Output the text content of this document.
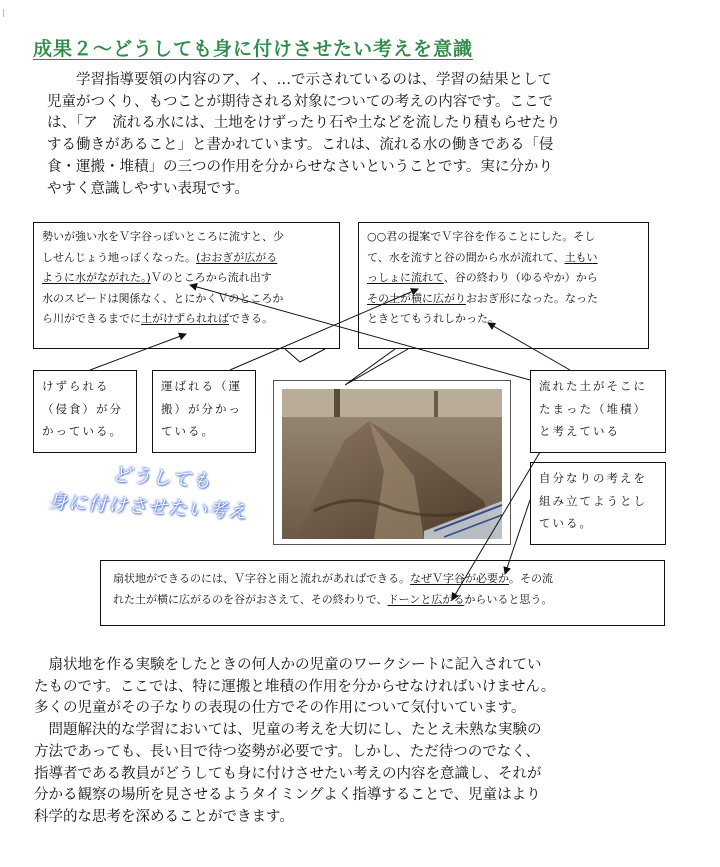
|
成果２～どうしても身に付けさせたい考えを意識
　　学習指導要領の内容のア、イ、…で示されているのは、学習の結果として
児童がつくり、もつことが期待される対象についての考えの内容です。ここで
は、「ア　流れる水には、土地をけずったり石や土などを流したり積もらせたり
する働きがあること」と書かれています。これは、流れる水の働きである「侵
食・運搬・堆積」の三つの作用を分からせなさいということです。実に分かり
やすく意識しやすい表現です。
勢いが強い水をＶ字谷っぽいところに流すと、少
しせんじょう地っぽくなった。(おおぎが広がる
ように水がながれた。)Ｖのところから流れ出す
水のスピードは関係なく、とにかくＶのところか
ら川ができるまでに土がけずられればできる。
○○君の提案でＶ字谷を作ることにした。そし
て、水を流すと谷の間から水が流れて、土もい
っしょに流れて、谷の終わり（ゆるやか）から
その土が横に広がりおおぎ形になった。なった
ときとてもうれしかった。
けずられる
（侵食）が分
かっている。
運ばれる（運
搬）が分かっ
ている。
流れた土がそこに
たまった（堆積）
と考えている
自分なりの考えを
組み立てようとし
ている。
扇状地ができるのには、Ｖ字谷と雨と流れがあればできる。なぜＶ字谷が必要か。その流
れた土が横に広がるのを谷がおさえて、その終わりで、ドーンと広がるからいると思う。
どうしても
身に付けさせたい考え
　扇状地を作る実験をしたときの何人かの児童のワークシートに記入されてい
たものです。ここでは、特に運搬と堆積の作用を分からせなければいけません。
多くの児童がその子なりの表現の仕方でその作用について気付いています。
　問題解決的な学習においては、児童の考えを大切にし、たとえ未熟な実験の
方法であっても、長い目で待つ姿勢が必要です。しかし、ただ待つのでなく、
指導者である教員がどうしても身に付けさせたい考えの内容を意識し、それが
分かる観察の場所を見させるようタイミングよく指導することで、児童はより
科学的な思考を深めることができます。
